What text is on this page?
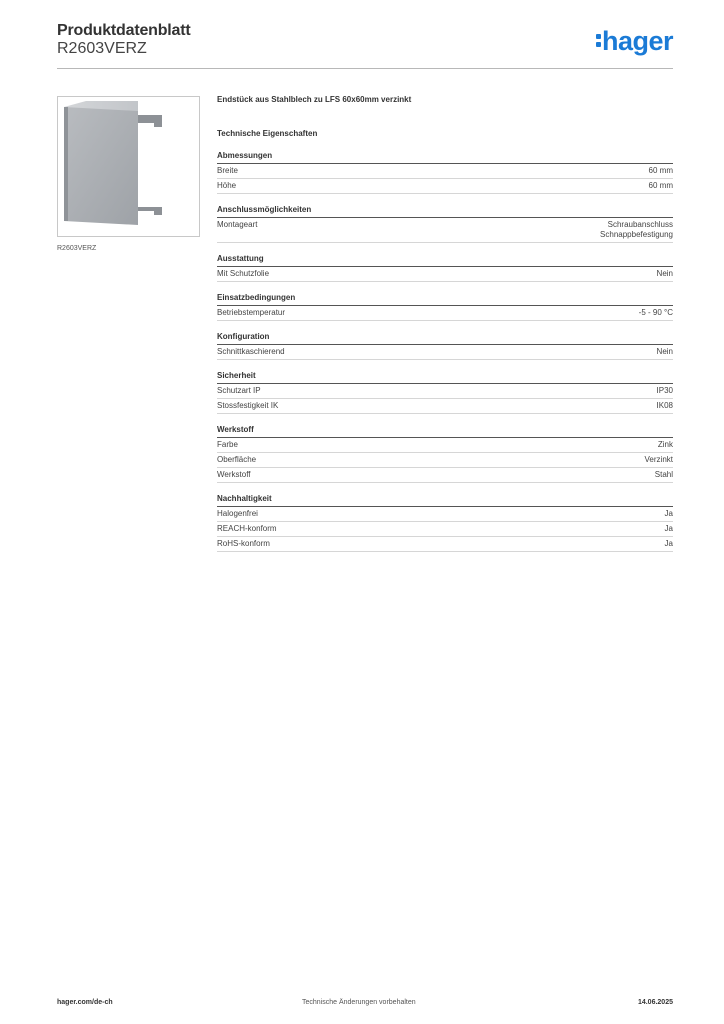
Produktdatenblatt
R2603VERZ	hager
R2603VERZ
Endstück aus Stahlblech zu LFS 60x60mm verzinkt
Technische Eigenschaften
Abmessungen
Breite	60 mm
Höhe	60 mm
Anschlussmöglichkeiten
Montageart	Schraubanschluss
Schnappbefestigung
Ausstattung
Mit Schutzfolie	Nein
Einsatzbedingungen
Betriebstemperatur	-5 - 90 °C
Konfiguration
Schnittkaschierend	Nein
Sicherheit
Schutzart IP	IP30
Stossfestigkeit IK	IK08
Werkstoff
Farbe	Zink
Oberfläche	Verzinkt
Werkstoff	Stahl
Nachhaltigkeit
Halogenfrei	Ja
REACH-konform	Ja
RoHS-konform	Ja
hager.com/de-ch	Technische Änderungen vorbehalten	14.06.2025
